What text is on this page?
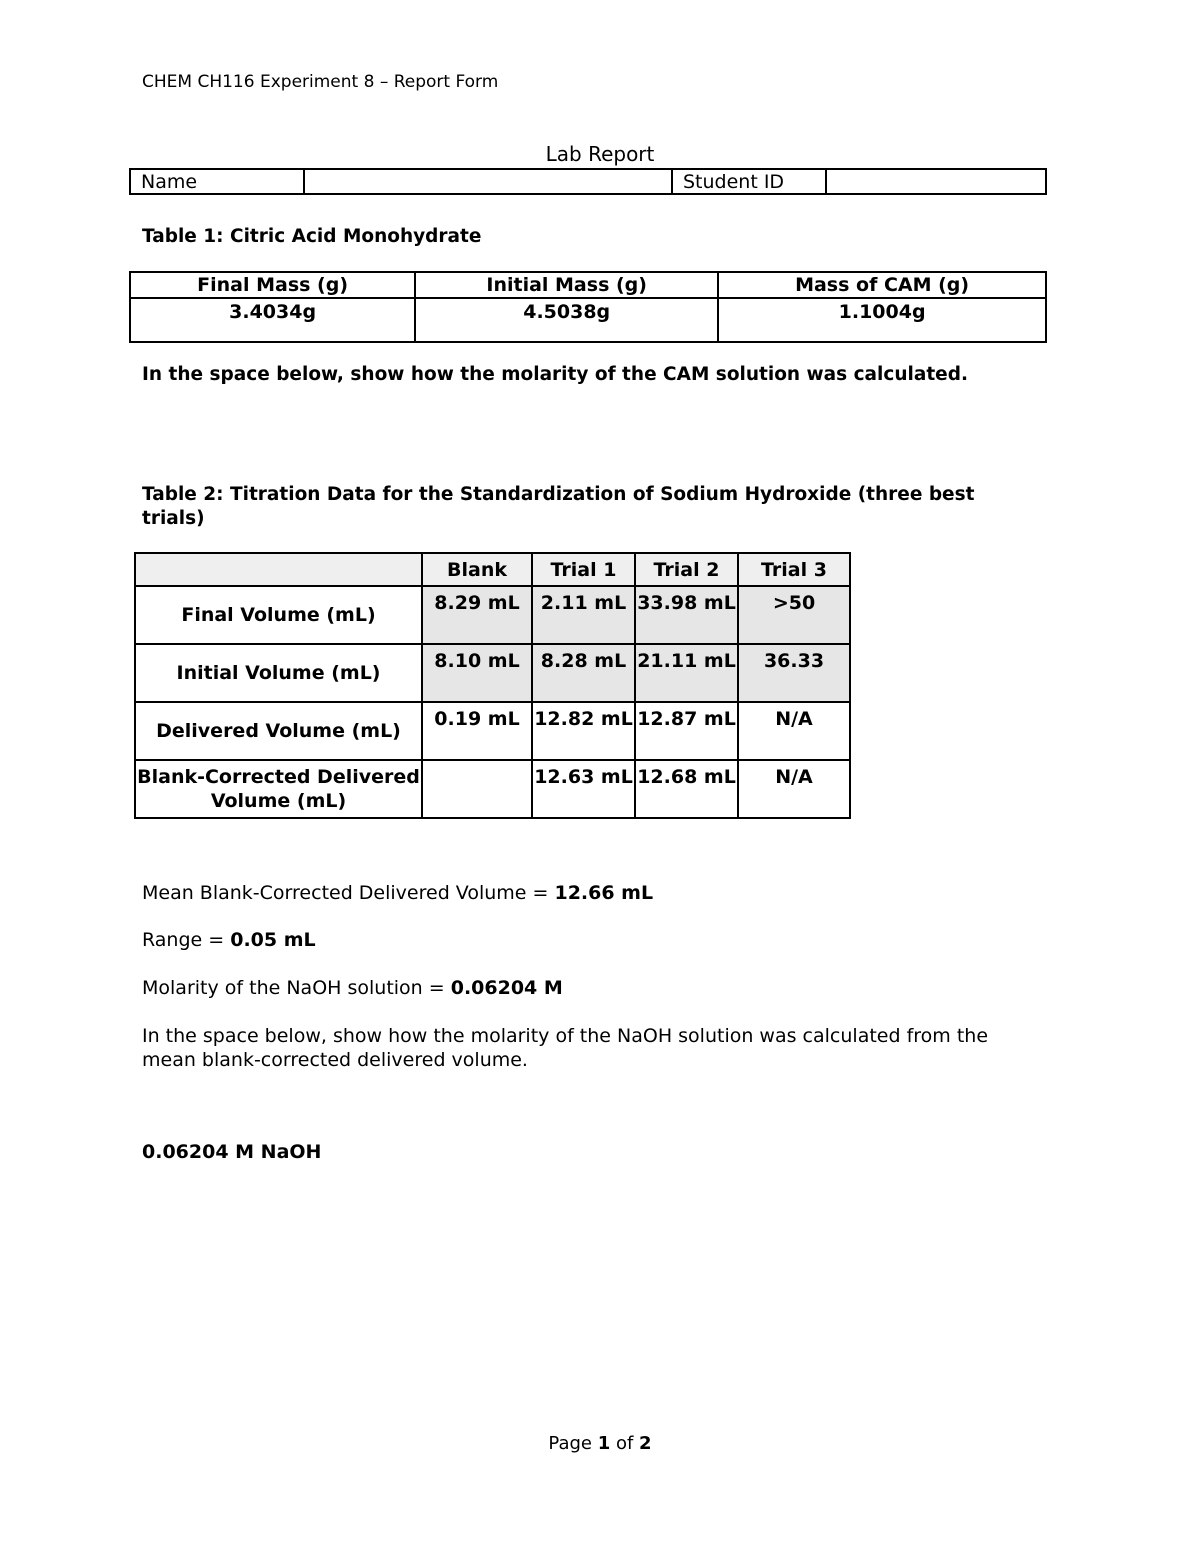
CHEM CH116 Experiment 8 – Report Form
Lab Report
Name		Student ID	
Table 1: Citric Acid Monohydrate
Final Mass (g)	Initial Mass (g)	Mass of CAM (g)
3.4034g	4.5038g	1.1004g
In the space below, show how the molarity of the CAM solution was calculated.
Table 2: Titration Data for the Standardization of Sodium Hydroxide (three best trials)
	Blank	Trial 1	Trial 2	Trial 3
Final Volume (mL)	8.29 mL	2.11 mL	33.98 mL	>50
Initial Volume (mL)	8.10 mL	8.28 mL	21.11 mL	36.33
Delivered Volume (mL)	0.19 mL	12.82 mL	12.87 mL	N/A
Blank-Corrected Delivered Volume (mL)		12.63 mL	12.68 mL	N/A
Mean Blank-Corrected Delivered Volume = 12.66 mL
Range = 0.05 mL
Molarity of the NaOH solution = 0.06204 M
In the space below, show how the molarity of the NaOH solution was calculated from the mean blank-corrected delivered volume.
0.06204 M NaOH
Page 1 of 2
